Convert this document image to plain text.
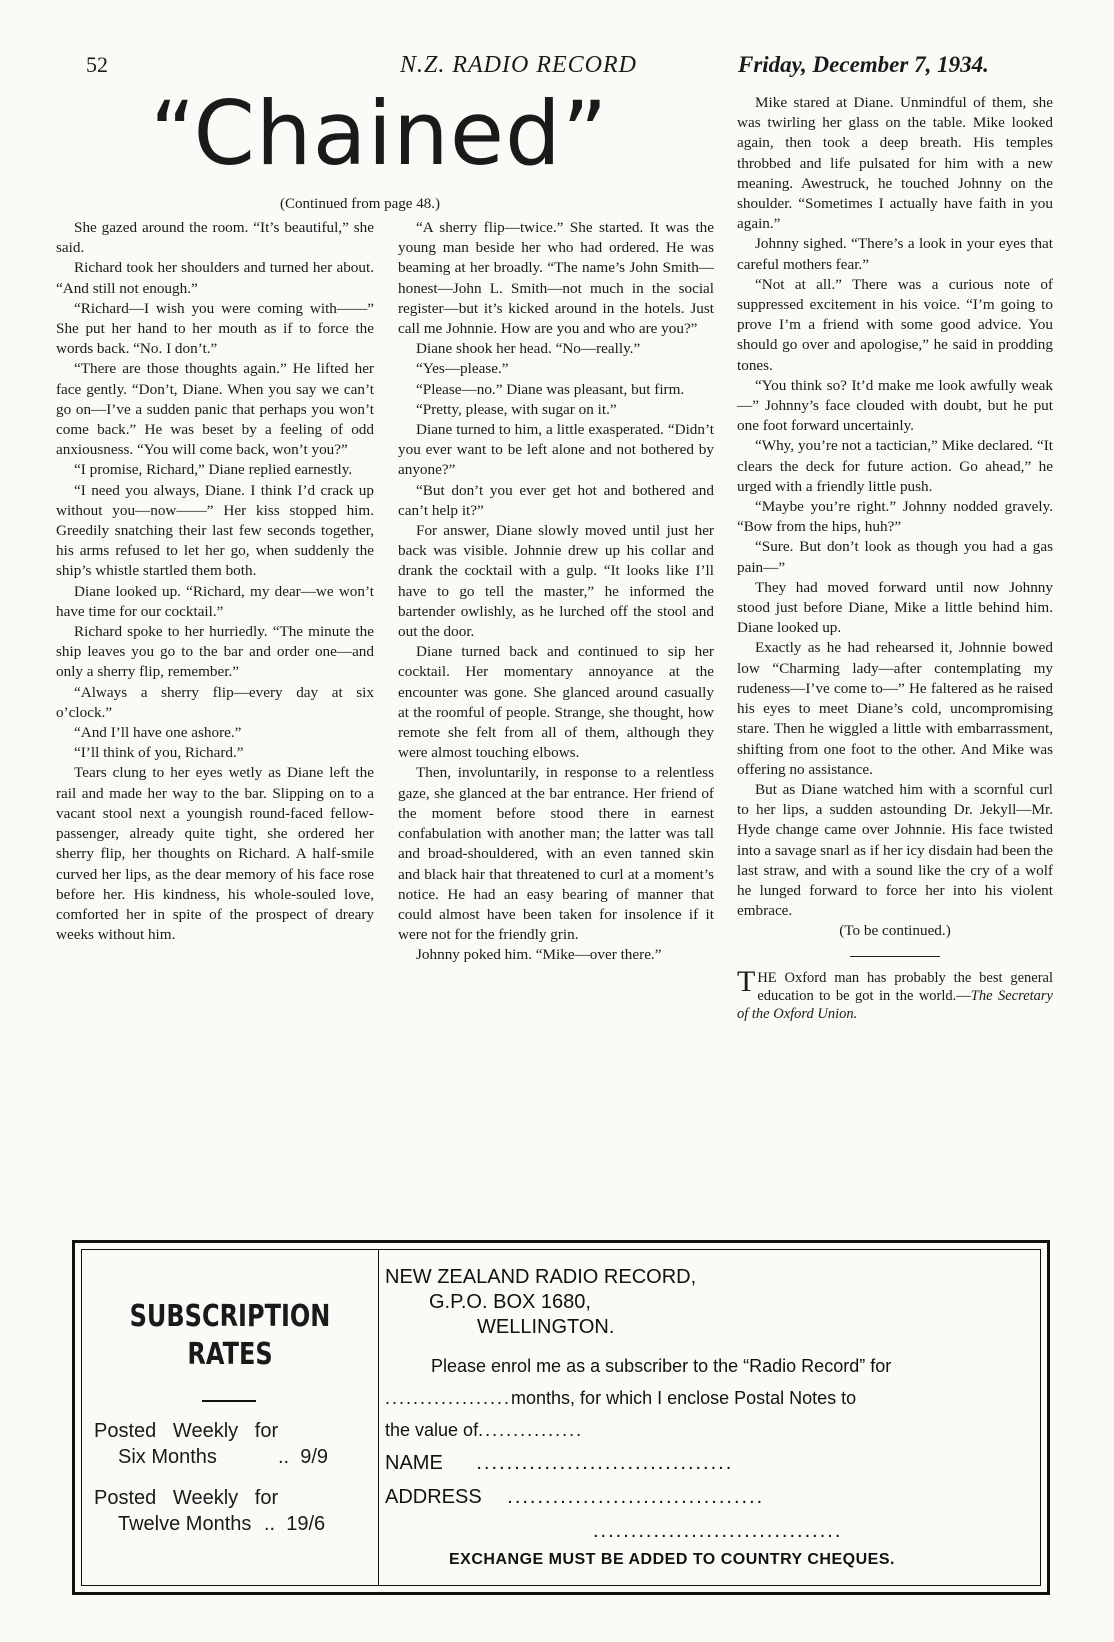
52	N.Z. RADIO RECORD	Friday, December 7, 1934.
“Chained”
(Continued from page 48.)

She gazed around the room. “It’s beautiful,” she said.

Richard took her shoulders and turned her about. “And still not enough.”

“Richard—I wish you were coming with——” She put her hand to her mouth as if to force the words back. “No. I don’t.”

“There are those thoughts again.” He lifted her face gently. “Don’t, Diane. When you say we can’t go on—I’ve a sudden panic that perhaps you won’t come back.” He was beset by a feeling of odd anxiousness. “You will come back, won’t you?”

“I promise, Richard,” Diane replied earnestly.

“I need you always, Diane. I think I’d crack up without you—now——” Her kiss stopped him. Greedily snatching their last few seconds together, his arms refused to let her go, when suddenly the ship’s whistle startled them both.

Diane looked up. “Richard, my dear—we won’t have time for our cocktail.”

Richard spoke to her hurriedly. “The minute the ship leaves you go to the bar and order one—and only a sherry flip, remember.”

“Always a sherry flip—every day at six o’clock.”

“And I’ll have one ashore.”

“I’ll think of you, Richard.”

Tears clung to her eyes wetly as Diane left the rail and made her way to the bar. Slipping on to a vacant stool next a youngish round-faced fellow-passenger, already quite tight, she ordered her sherry flip, her thoughts on Richard. A half-smile curved her lips, as the dear memory of his face rose before her. His kindness, his whole-souled love, comforted her in spite of the prospect of dreary weeks without him.

“A sherry flip—twice.” She started. It was the young man beside her who had ordered. He was beaming at her broadly. “The name’s John Smith—honest—John L. Smith—not much in the social register—but it’s kicked around in the hotels. Just call me Johnnie. How are you and who are you?”

Diane shook her head. “No—really.”

“Yes—please.”

“Please—no.” Diane was pleasant, but firm.

“Pretty, please, with sugar on it.”

Diane turned to him, a little exasperated. “Didn’t you ever want to be left alone and not bothered by anyone?”

“But don’t you ever get hot and bothered and can’t help it?”

For answer, Diane slowly moved until just her back was visible. Johnnie drew up his collar and drank the cocktail with a gulp. “It looks like I’ll have to go tell the master,” he informed the bartender owlishly, as he lurched off the stool and out the door.

Diane turned back and continued to sip her cocktail. Her momentary annoyance at the encounter was gone. She glanced around casually at the roomful of people. Strange, she thought, how remote she felt from all of them, although they were almost touching elbows.

Then, involuntarily, in response to a relentless gaze, she glanced at the bar entrance. Her friend of the moment before stood there in earnest confabulation with another man; the latter was tall and broad-shouldered, with an even tanned skin and black hair that threatened to curl at a moment’s notice. He had an easy bearing of manner that could almost have been taken for insolence if it were not for the friendly grin.

Johnny poked him. “Mike—over there.”

Mike stared at Diane. Unmindful of them, she was twirling her glass on the table. Mike looked again, then took a deep breath. His temples throbbed and life pulsated for him with a new meaning. Awestruck, he touched Johnny on the shoulder. “Sometimes I actually have faith in you again.”

Johnny sighed. “There’s a look in your eyes that careful mothers fear.”

“Not at all.” There was a curious note of suppressed excitement in his voice. “I’m going to prove I’m a friend with some good advice. You should go over and apologise,” he said in prodding tones.

“You think so? It’d make me look awfully weak—” Johnny’s face clouded with doubt, but he put one foot forward uncertainly.

“Why, you’re not a tactician,” Mike declared. “It clears the deck for future action. Go ahead,” he urged with a friendly little push.

“Maybe you’re right.” Johnny nodded gravely. “Bow from the hips, huh?”

“Sure. But don’t look as though you had a gas pain—”

They had moved forward until now Johnny stood just before Diane, Mike a little behind him. Diane looked up.

Exactly as he had rehearsed it, Johnnie bowed low “Charming lady—after contemplating my rudeness—I’ve come to—” He faltered as he raised his eyes to meet Diane’s cold, uncompromising stare. Then he wiggled a little with embarrassment, shifting from one foot to the other. And Mike was offering no assistance.

But as Diane watched him with a scornful curl to her lips, a sudden astounding Dr. Jekyll—Mr. Hyde change came over Johnnie. His face twisted into a savage snarl as if her icy disdain had been the last straw, and with a sound like the cry of a wolf he lunged forward to force her into his violent embrace.

(To be continued.)

THE Oxford man has probably the best general education to be got in the world.—The Secretary of the Oxford Union.
SUBSCRIPTION
RATES
Posted   Weekly   for
Six Months	..  9/9
Posted   Weekly   for
Twelve Months ..  19/6
NEW ZEALAND RADIO RECORD,
G.P.O. BOX 1680,
WELLINGTON.
Please enrol me as a subscriber to the “Radio Record” for
..................months, for which I enclose Postal Notes to
the value of...............
NAME ..................................
ADDRESS ..................................
.................................
EXCHANGE MUST BE ADDED TO COUNTRY CHEQUES.
